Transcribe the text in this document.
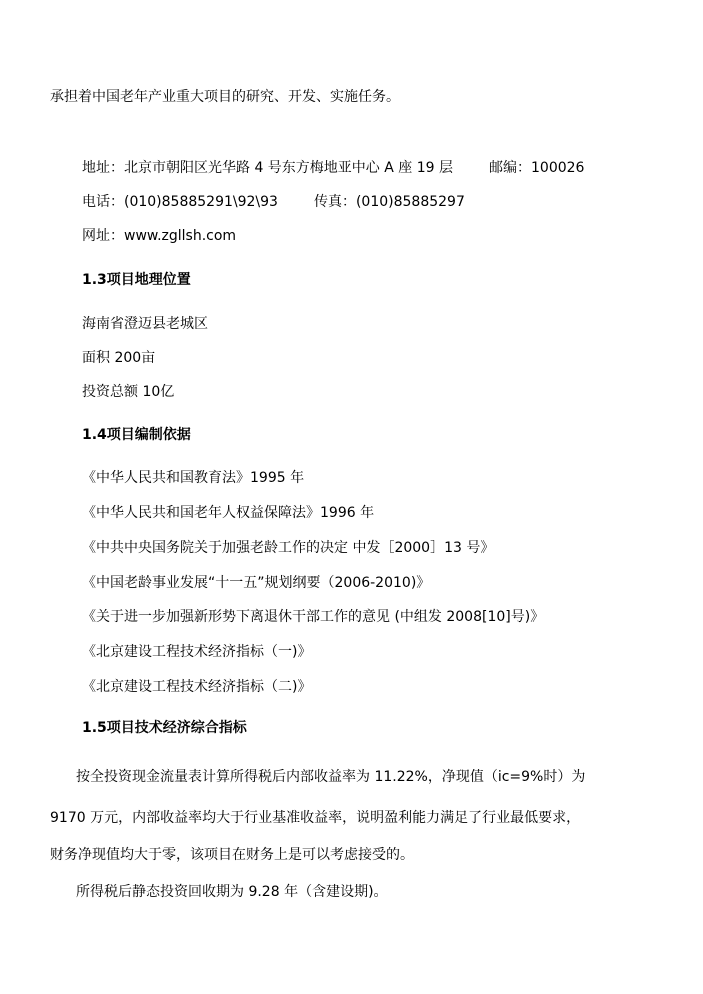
承担着中国老年产业重大项目的研究、开发、实施任务。
地址：北京市朝阳区光华路 4 号东方梅地亚中心 A 座 19 层	邮编：100026
电话：(010)85885291\92\93	传真：(010)85885297
网址：www.zgllsh.com
1.3项目地理位置
海南省澄迈县老城区
面积 200亩
投资总额 10亿
1.4项目编制依据
《中华人民共和国教育法》1995 年
《中华人民共和国老年人权益保障法》1996 年
《中共中央国务院关于加强老龄工作的决定 中发［2000］13 号》
《中国老龄事业发展“十一五”规划纲要（2006-2010)》
《关于进一步加强新形势下离退休干部工作的意见 (中组发 2008[10]号)》
《北京建设工程技术经济指标（一)》
《北京建设工程技术经济指标（二)》
1.5项目技术经济综合指标
按全投资现金流量表计算所得税后内部收益率为 11.22%，净现值（ic=9%时）为
9170 万元，内部收益率均大于行业基准收益率，说明盈利能力满足了行业最低要求，
财务净现值均大于零，该项目在财务上是可以考虑接受的。
所得税后静态投资回收期为 9.28 年（含建设期)。
